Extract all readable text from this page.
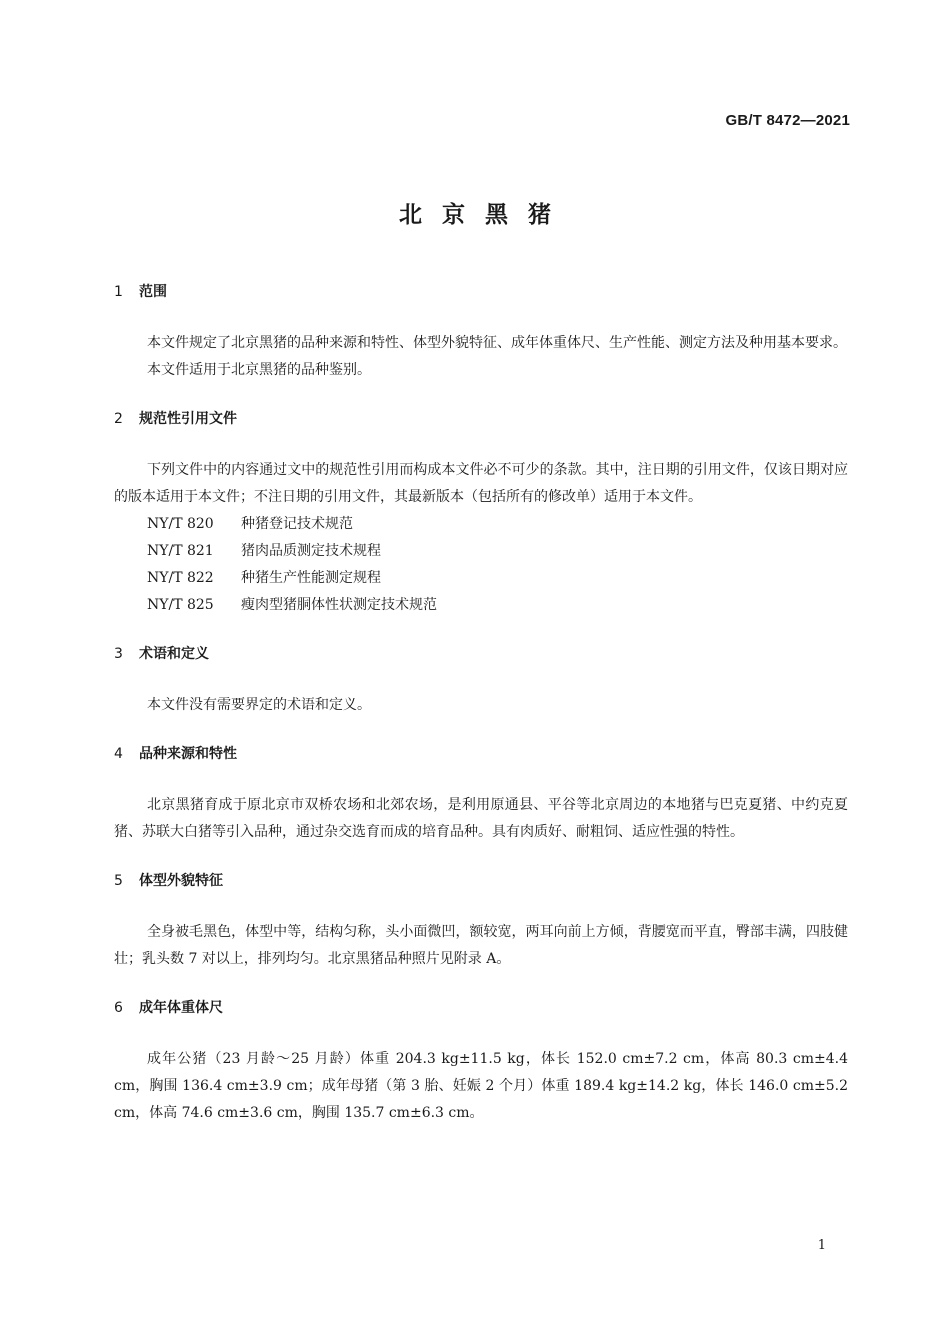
GB/T 8472—2021
北京黑猪
1 范围

本文件规定了北京黑猪的品种来源和特性、体型外貌特征、成年体重体尺、生产性能、测定方法及种用基本要求。

本文件适用于北京黑猪的品种鉴别。

2 规范性引用文件

下列文件中的内容通过文中的规范性引用而构成本文件必不可少的条款。其中，注日期的引用文件，仅该日期对应的版本适用于本文件；不注日期的引用文件，其最新版本（包括所有的修改单）适用于本文件。

NY/T 820 种猪登记技术规范
NY/T 821 猪肉品质测定技术规程
NY/T 822 种猪生产性能测定规程
NY/T 825 瘦肉型猪胴体性状测定技术规范
3 术语和定义

本文件没有需要界定的术语和定义。

4 品种来源和特性

北京黑猪育成于原北京市双桥农场和北郊农场，是利用原通县、平谷等北京周边的本地猪与巴克夏猪、中约克夏猪、苏联大白猪等引入品种，通过杂交选育而成的培育品种。具有肉质好、耐粗饲、适应性强的特性。

5 体型外貌特征

全身被毛黑色，体型中等，结构匀称，头小面微凹，额较宽，两耳向前上方倾，背腰宽而平直，臀部丰满，四肢健壮；乳头数 7 对以上，排列均匀。北京黑猪品种照片见附录 A。

6 成年体重体尺

成年公猪（23 月龄～25 月龄）体重 204.3 kg±11.5 kg，体长 152.0 cm±7.2 cm，体高 80.3 cm±4.4 cm，胸围 136.4 cm±3.9 cm；成年母猪（第 3 胎、妊娠 2 个月）体重 189.4 kg±14.2 kg，体长 146.0 cm±5.2 cm，体高 74.6 cm±3.6 cm，胸围 135.7 cm±6.3 cm。

1
